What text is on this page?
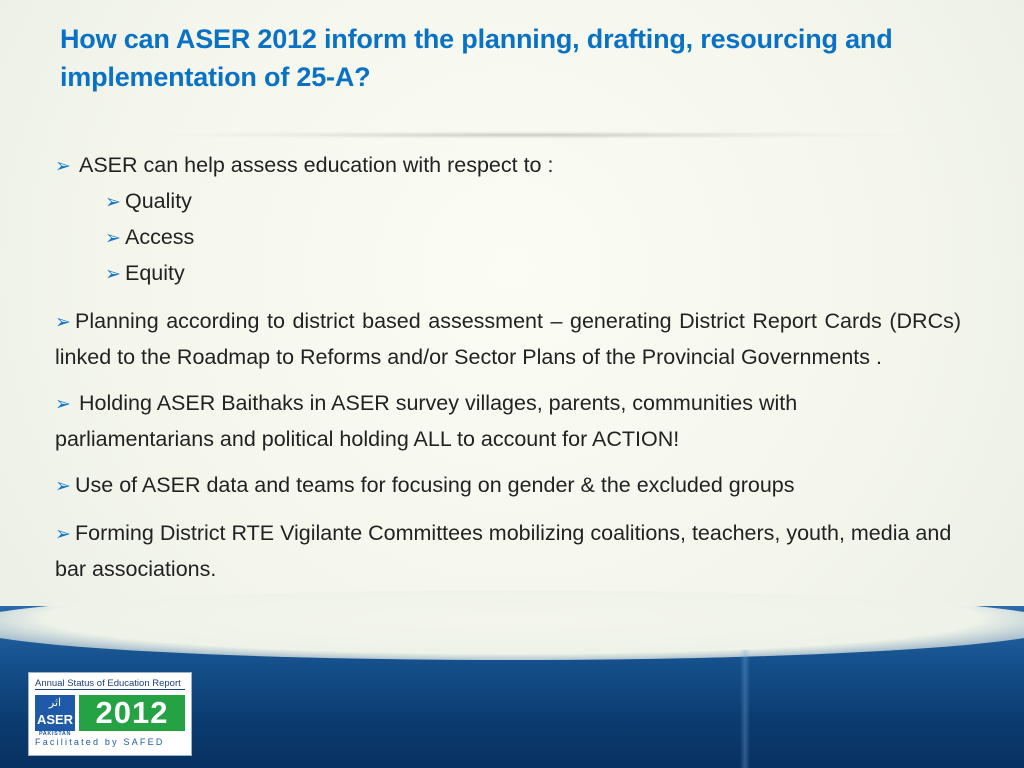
How can ASER 2012 inform the planning, drafting, resourcing and implementation of 25-A?

➢ ASER can help assess education with respect to :

➢ Quality

➢ Access

➢ Equity

➢ Planning according to district based assessment – generating District Report Cards (DRCs) linked to the Roadmap to Reforms and/or Sector Plans of the Provincial Governments .

➢ Holding ASER Baithaks in ASER survey villages, parents, communities with parliamentarians and political holding ALL to account for ACTION!

➢ Use of ASER data and teams for focusing on gender & the excluded groups

➢ Forming District RTE Vigilante Committees mobilizing coalitions, teachers, youth, media and bar associations.

Annual Status of Education Report
ASER
اثر
PAKISTAN
2012
Facilitated by SAFED
